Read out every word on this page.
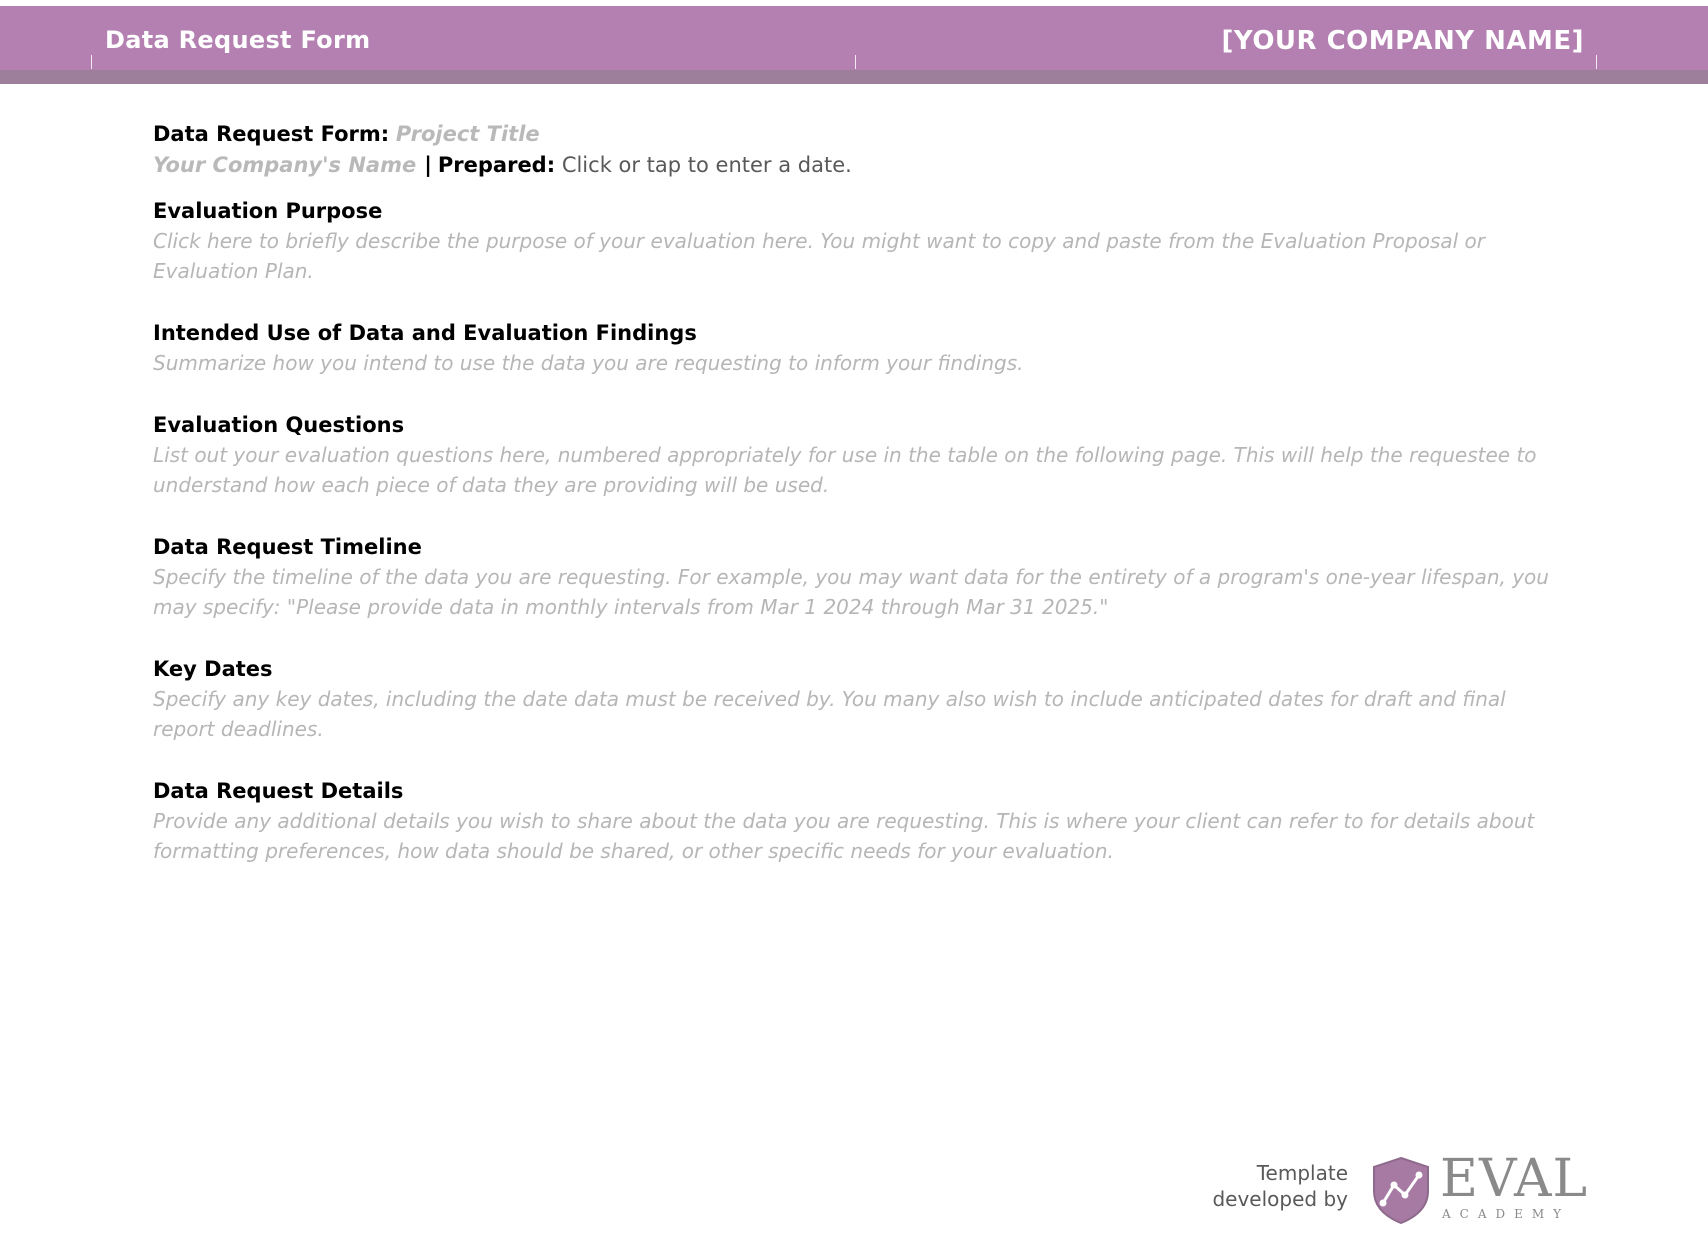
Data Request Form	[YOUR COMPANY NAME]
Data Request Form: Project Title
Your Company's Name | Prepared: Click or tap to enter a date.

Evaluation Purpose

Click here to briefly describe the purpose of your evaluation here. You might want to copy and paste from the Evaluation Proposal or Evaluation Plan.

Intended Use of Data and Evaluation Findings

Summarize how you intend to use the data you are requesting to inform your findings.

Evaluation Questions

List out your evaluation questions here, numbered appropriately for use in the table on the following page. This will help the requestee to understand how each piece of data they are providing will be used.

Data Request Timeline

Specify the timeline of the data you are requesting. For example, you may want data for the entirety of a program's one-year lifespan, you may specify: "Please provide data in monthly intervals from Mar 1 2024 through Mar 31 2025."

Key Dates

Specify any key dates, including the date data must be received by. You many also wish to include anticipated dates for draft and final report deadlines.

Data Request Details

Provide any additional details you wish to share about the data you are requesting. This is where your client can refer to for details about formatting preferences, how data should be shared, or other specific needs for your evaluation.

Template
developed by EVAL
ACADEMY
